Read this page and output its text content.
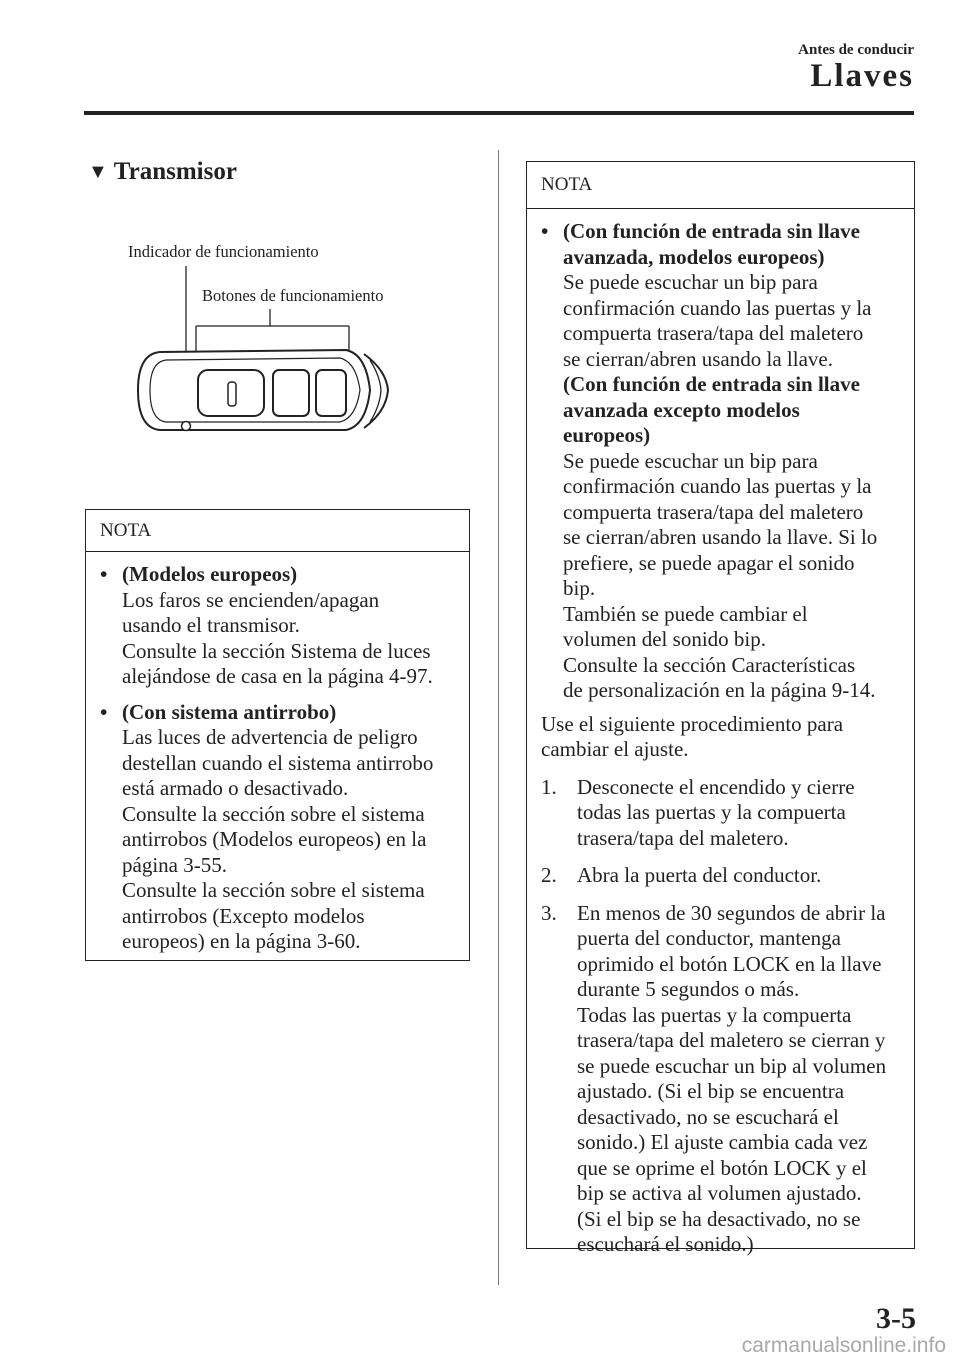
Antes de conducir
Llaves
▼ Transmisor
Indicador de funcionamiento
Botones de funcionamiento
NOTA
• (Modelos europeos)
Los faros se encienden/apagan
usando el transmisor.
Consulte la sección Sistema de luces
alejándose de casa en la página 4-97.
• (Con sistema antirrobo)
Las luces de advertencia de peligro
destellan cuando el sistema antirrobo
está armado o desactivado.
Consulte la sección sobre el sistema
antirrobos (Modelos europeos) en la
página 3-55.
Consulte la sección sobre el sistema
antirrobos (Excepto modelos
europeos) en la página 3-60.
NOTA
• (Con función de entrada sin llave
avanzada, modelos europeos)
Se puede escuchar un bip para
confirmación cuando las puertas y la
compuerta trasera/tapa del maletero
se cierran/abren usando la llave.
(Con función de entrada sin llave
avanzada excepto modelos
europeos)
Se puede escuchar un bip para
confirmación cuando las puertas y la
compuerta trasera/tapa del maletero
se cierran/abren usando la llave. Si lo
prefiere, se puede apagar el sonido
bip.
También se puede cambiar el
volumen del sonido bip.
Consulte la sección Características
de personalización en la página 9-14.
Use el siguiente procedimiento para
cambiar el ajuste.
1. Desconecte el encendido y cierre
todas las puertas y la compuerta
trasera/tapa del maletero.
2. Abra la puerta del conductor.
3. En menos de 30 segundos de abrir la
puerta del conductor, mantenga
oprimido el botón LOCK en la llave
durante 5 segundos o más.
Todas las puertas y la compuerta
trasera/tapa del maletero se cierran y
se puede escuchar un bip al volumen
ajustado. (Si el bip se encuentra
desactivado, no se escuchará el
sonido.) El ajuste cambia cada vez
que se oprime el botón LOCK y el
bip se activa al volumen ajustado.
(Si el bip se ha desactivado, no se
escuchará el sonido.)
3-5
carmanualsonline.info
